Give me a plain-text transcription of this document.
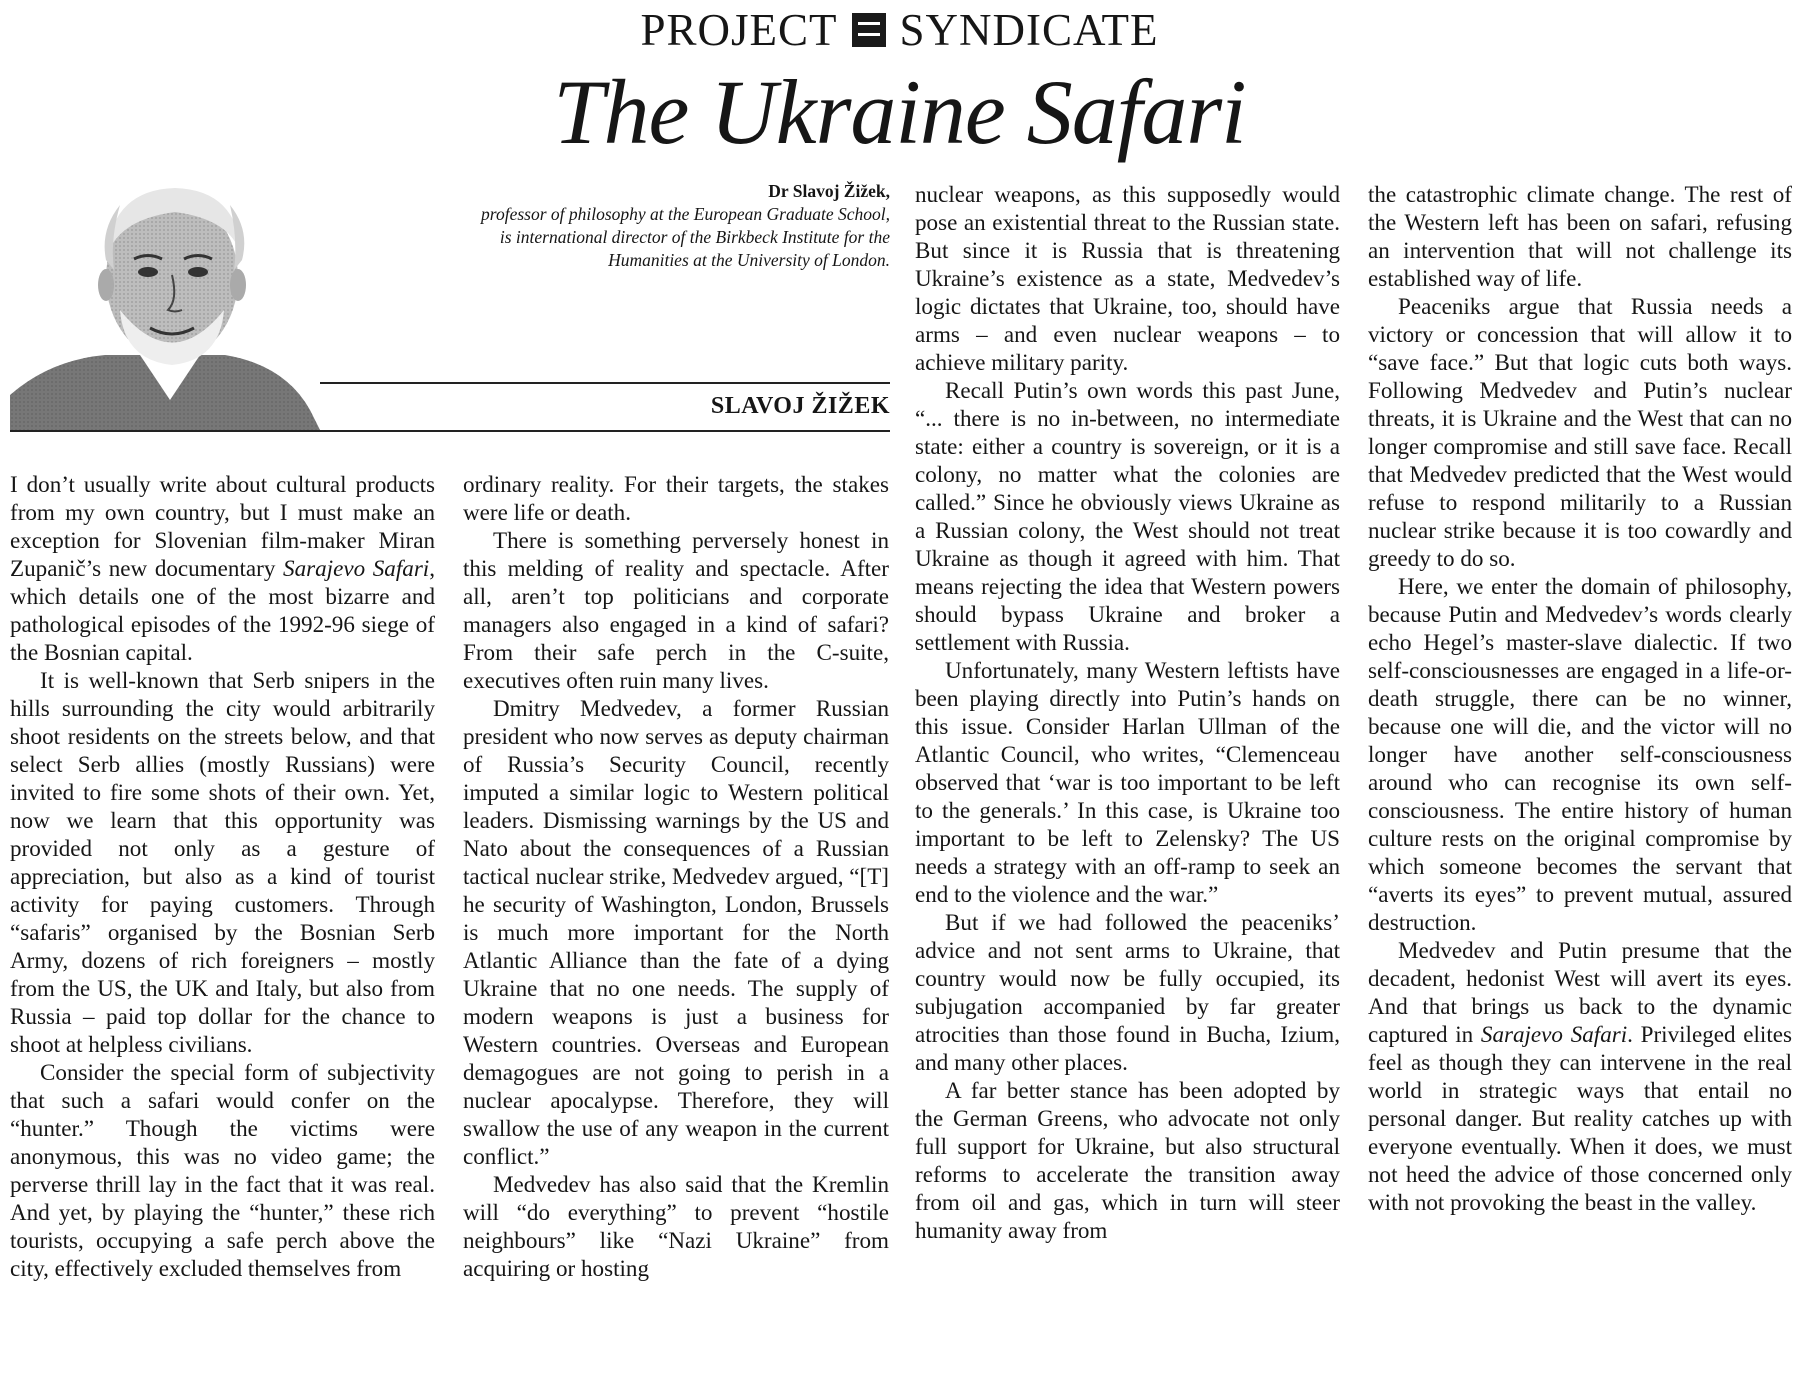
PROJECT SYNDICATE
The Ukraine Safari
Dr Slavoj Žižek,
professor of philosophy at the European Graduate School, is international director of the Birkbeck Institute for the Humanities at the University of London.
SLAVOJ ŽIŽEK

I don’t usually write about cultural products from my own country, but I must make an exception for Slovenian film-maker Miran Zupanič’s new documentary Sarajevo Safari, which details one of the most bizarre and pathological episodes of the 1992-96 siege of the Bosnian capital.

It is well-known that Serb snipers in the hills surrounding the city would arbitrarily shoot residents on the streets below, and that select Serb allies (mostly Russians) were invited to fire some shots of their own. Yet, now we learn that this opportunity was provided not only as a gesture of appreciation, but also as a kind of tourist activity for paying customers. Through “safaris” organised by the Bosnian Serb Army, dozens of rich foreigners – mostly from the US, the UK and Italy, but also from Russia – paid top dollar for the chance to shoot at helpless civilians.

Consider the special form of subjectivity that such a safari would confer on the “hunter.” Though the victims were anonymous, this was no video game; the perverse thrill lay in the fact that it was real. And yet, by playing the “hunter,” these rich tourists, occupying a safe perch above the city, effectively excluded themselves from

ordinary reality. For their targets, the stakes were life or death.

There is something perversely honest in this melding of reality and spectacle. After all, aren’t top politicians and corporate managers also engaged in a kind of safari? From their safe perch in the C-suite, executives often ruin many lives.

Dmitry Medvedev, a former Russian president who now serves as deputy chairman of Russia’s Security Council, recently imputed a similar logic to Western political leaders. Dismissing warnings by the US and Nato about the consequences of a Russian tactical nuclear strike, Medvedev argued, “[T] he security of Washington, London, Brussels is much more important for the North Atlantic Alliance than the fate of a dying Ukraine that no one needs. The supply of modern weapons is just a business for Western countries. Overseas and European demagogues are not going to perish in a nuclear apocalypse. Therefore, they will swallow the use of any weapon in the current conflict.”

Medvedev has also said that the Kremlin will “do everything” to prevent “hostile neighbours” like “Nazi Ukraine” from acquiring or hosting

nuclear weapons, as this supposedly would pose an existential threat to the Russian state. But since it is Russia that is threatening Ukraine’s existence as a state, Medvedev’s logic dictates that Ukraine, too, should have arms – and even nuclear weapons – to achieve military parity.

Recall Putin’s own words this past June, “... there is no in-between, no intermediate state: either a country is sovereign, or it is a colony, no matter what the colonies are called.” Since he obviously views Ukraine as a Russian colony, the West should not treat Ukraine as though it agreed with him. That means rejecting the idea that Western powers should bypass Ukraine and broker a settlement with Russia.

Unfortunately, many Western leftists have been playing directly into Putin’s hands on this issue. Consider Harlan Ullman of the Atlantic Council, who writes, “Clemenceau observed that ‘war is too important to be left to the generals.’ In this case, is Ukraine too important to be left to Zelensky? The US needs a strategy with an off-ramp to seek an end to the violence and the war.”

But if we had followed the peaceniks’ advice and not sent arms to Ukraine, that country would now be fully occupied, its subjugation accompanied by far greater atrocities than those found in Bucha, Izium, and many other places.

A far better stance has been adopted by the German Greens, who advocate not only full support for Ukraine, but also structural reforms to accelerate the transition away from oil and gas, which in turn will steer humanity away from

the catastrophic climate change. The rest of the Western left has been on safari, refusing an intervention that will not challenge its established way of life.

Peaceniks argue that Russia needs a victory or concession that will allow it to “save face.” But that logic cuts both ways. Following Medvedev and Putin’s nuclear threats, it is Ukraine and the West that can no longer compromise and still save face. Recall that Medvedev predicted that the West would refuse to respond militarily to a Russian nuclear strike because it is too cowardly and greedy to do so.

Here, we enter the domain of philosophy, because Putin and Medvedev’s words clearly echo Hegel’s master-slave dialectic. If two self-consciousnesses are engaged in a life-or-death struggle, there can be no winner, because one will die, and the victor will no longer have another self-consciousness around who can recognise its own self-consciousness. The entire history of human culture rests on the original compromise by which someone becomes the servant that “averts its eyes” to prevent mutual, assured destruction.

Medvedev and Putin presume that the decadent, hedonist West will avert its eyes. And that brings us back to the dynamic captured in Sarajevo Safari. Privileged elites feel as though they can intervene in the real world in strategic ways that entail no personal danger. But reality catches up with everyone eventually. When it does, we must not heed the advice of those concerned only with not provoking the beast in the valley.
